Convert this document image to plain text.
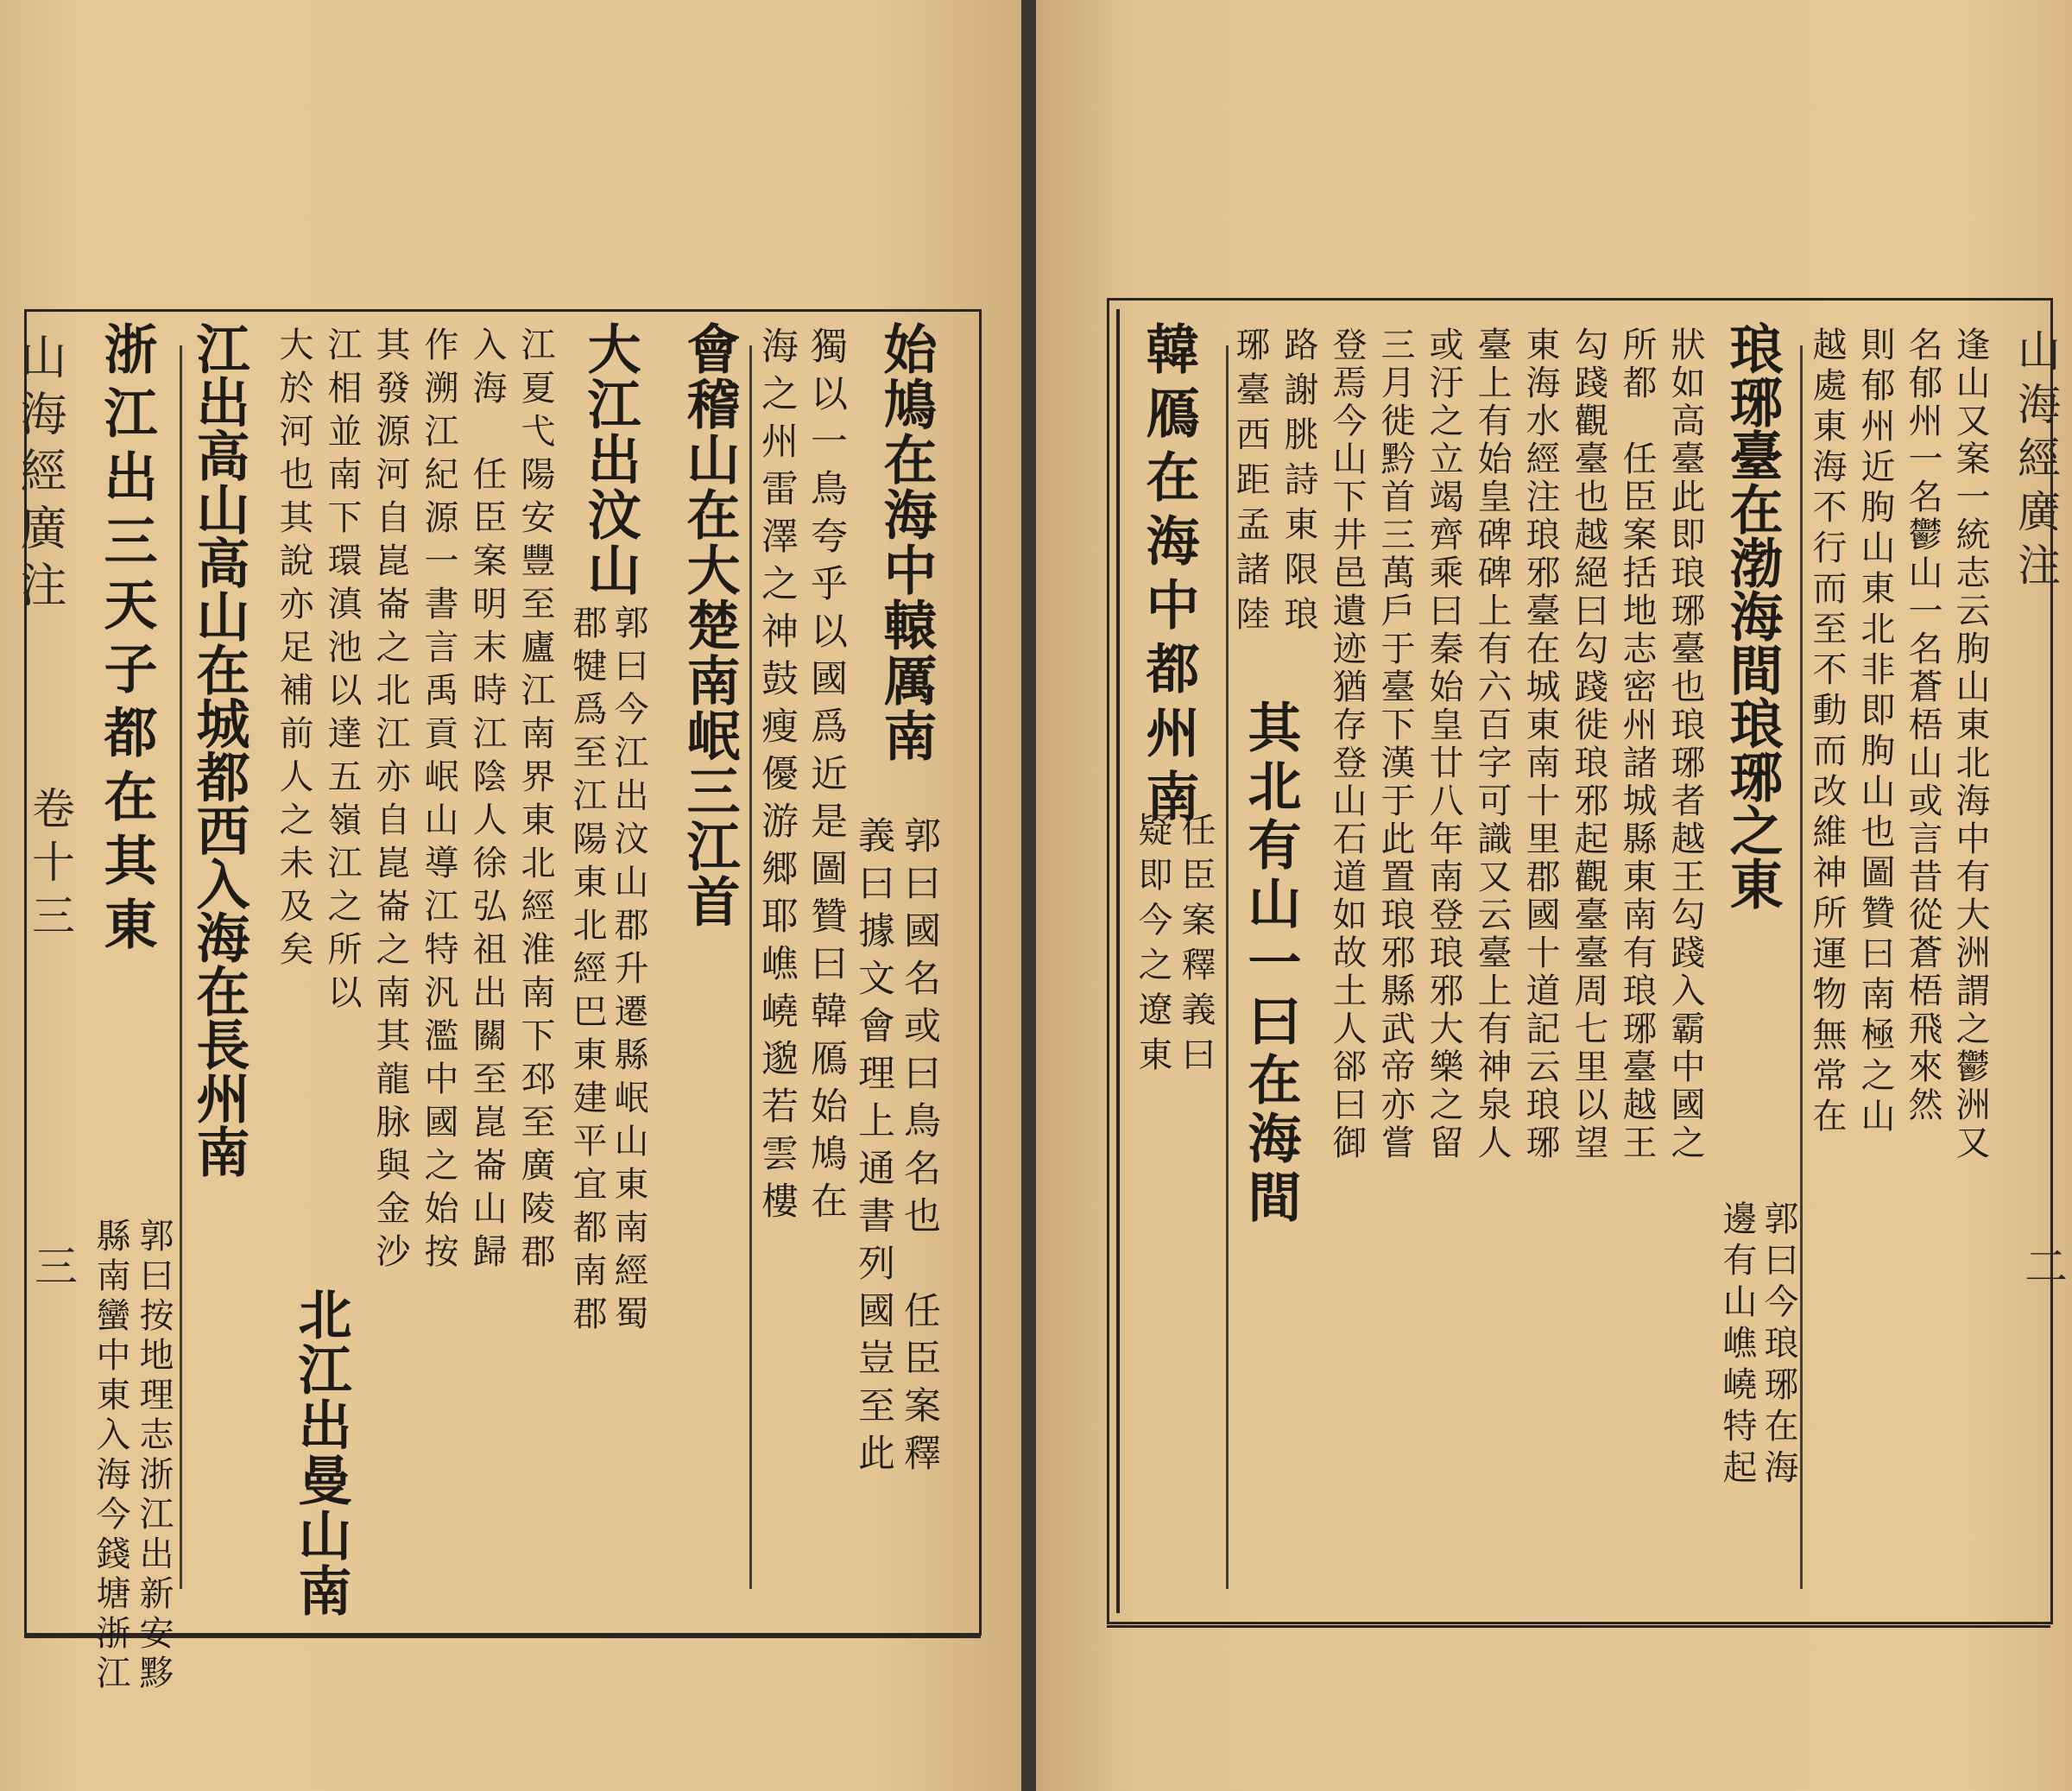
山海經廣注
卷十三
三
始鳩在海中轅厲南
郭曰國名或曰鳥名也　任臣案釋
義曰據文會理上通書列國豈至此
獨以一鳥夸乎以國爲近是圖贊曰韓鴈始鳩在
海之州雷澤之神鼓瘦優游郷耶嶕嶢邈若雲樓
會稽山在大楚南岷三江首
大江出汶山
郭曰今江出汶山郡升遷縣岷山東南經蜀
郡犍爲至江陽東北經巴東建平宜都南郡
江夏弋陽安豐至廬江南界東北經淮南下邳至廣陵郡
入海　任臣案明末時江陰人徐弘祖出關至崑崙山歸
作溯江紀源一書言禹貢岷山導江特汎濫中國之始按
其發源河自崑崙之北江亦自崑崙之南其龍脉與金沙
江相並南下環滇池以達五嶺江之所以
大於河也其說亦足補前人之未及矣
北江出曼山南
江出高山高山在城都西入海在長州南
浙江出三天子都在其東
郭曰按地理志浙江出新安黟
縣南蠻中東入海今錢塘浙江
山海經廣注
二
逢山又案一統志云朐山東北海中有大洲謂之鬱洲又
名郁州一名鬱山一名蒼梧山或言昔從蒼梧飛來然
則郁州近朐山東北非即朐山也圖贊曰南極之山
越處東海不行而至不動而改維神所運物無常在
琅琊臺在渤海間琅琊之東
郭曰今琅琊在海
邊有山嶕嶢特起
狀如高臺此即琅琊臺也琅琊者越王勾踐入霸中國之
所都　任臣案括地志密州諸城縣東南有琅琊臺越王
勾踐觀臺也越絕曰勾踐徙琅邪起觀臺臺周七里以望
東海水經注琅邪臺在城東南十里郡國十道記云琅琊
臺上有始皇碑碑上有六百字可識又云臺上有神泉人
或汙之立竭齊乘曰秦始皇廿八年南登琅邪大樂之留
三月徙黔首三萬戶于臺下漢于此置琅邪縣武帝亦嘗
登焉今山下井邑遺迹猶存登山石道如故土人郤曰御
路謝朓詩東限琅
琊臺西距孟諸陸
其北有山一曰在海間
韓鴈在海中都州南
任臣案釋義曰
疑即今之遼東
